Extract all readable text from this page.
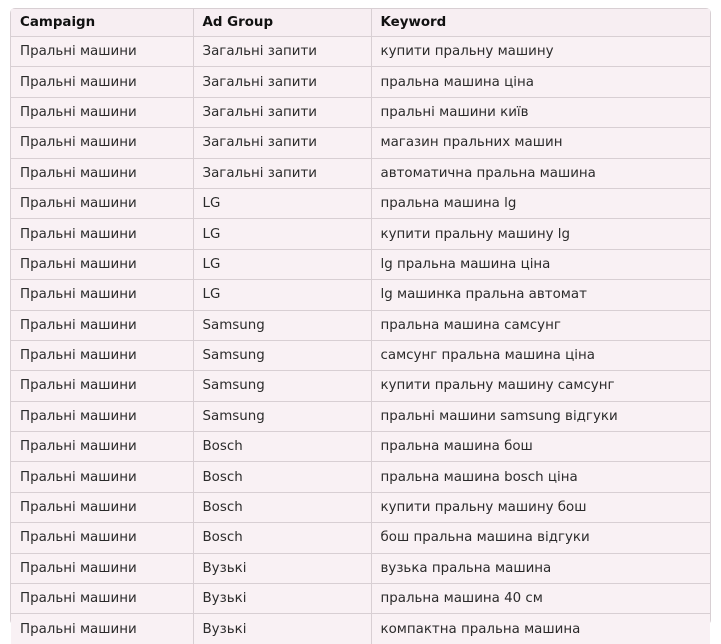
Campaign	Ad Group	Keyword
Пральні машини	Загальні запити	купити пральну машину
Пральні машини	Загальні запити	пральна машина ціна
Пральні машини	Загальні запити	пральні машини київ
Пральні машини	Загальні запити	магазин пральних машин
Пральні машини	Загальні запити	автоматична пральна машина
Пральні машини	LG	пральна машина lg
Пральні машини	LG	купити пральну машину lg
Пральні машини	LG	lg пральна машина ціна
Пральні машини	LG	lg машинка пральна автомат
Пральні машини	Samsung	пральна машина самсунг
Пральні машини	Samsung	самсунг пральна машина ціна
Пральні машини	Samsung	купити пральну машину самсунг
Пральні машини	Samsung	пральні машини samsung відгуки
Пральні машини	Bosch	пральна машина бош
Пральні машини	Bosch	пральна машина bosch ціна
Пральні машини	Bosch	купити пральну машину бош
Пральні машини	Bosch	бош пральна машина відгуки
Пральні машини	Вузькі	вузька пральна машина
Пральні машини	Вузькі	пральна машина 40 см
Пральні машини	Вузькі	компактна пральна машина
